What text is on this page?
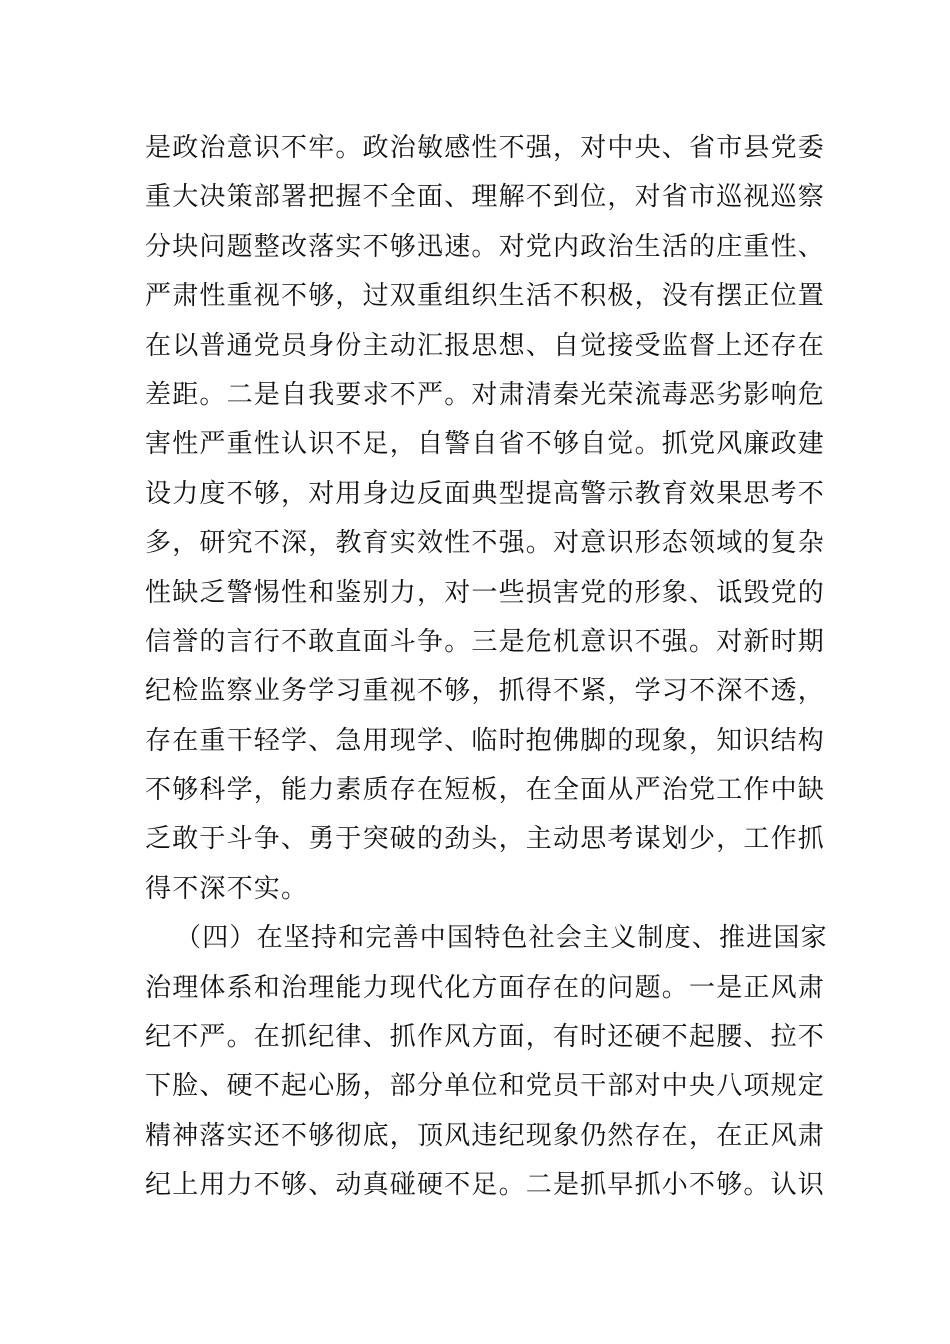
是政治意识不牢。政治敏感性不强，对中央、省市县党委
重大决策部署把握不全面、理解不到位，对省市巡视巡察
分块问题整改落实不够迅速。对党内政治生活的庄重性、
严肃性重视不够，过双重组织生活不积极，没有摆正位置
在以普通党员身份主动汇报思想、自觉接受监督上还存在
差距。二是自我要求不严。对肃清秦光荣流毒恶劣影响危
害性严重性认识不足，自警自省不够自觉。抓党风廉政建
设力度不够，对用身边反面典型提高警示教育效果思考不
多，研究不深，教育实效性不强。对意识形态领域的复杂
性缺乏警惕性和鉴别力，对一些损害党的形象、诋毁党的
信誉的言行不敢直面斗争。三是危机意识不强。对新时期
纪检监察业务学习重视不够，抓得不紧，学习不深不透，
存在重干轻学、急用现学、临时抱佛脚的现象，知识结构
不够科学，能力素质存在短板，在全面从严治党工作中缺
乏敢于斗争、勇于突破的劲头，主动思考谋划少，工作抓
得不深不实。
（四）在坚持和完善中国特色社会主义制度、推进国家
治理体系和治理能力现代化方面存在的问题。一是正风肃
纪不严。在抓纪律、抓作风方面，有时还硬不起腰、拉不
下脸、硬不起心肠，部分单位和党员干部对中央八项规定
精神落实还不够彻底，顶风违纪现象仍然存在，在正风肃
纪上用力不够、动真碰硬不足。二是抓早抓小不够。认识
